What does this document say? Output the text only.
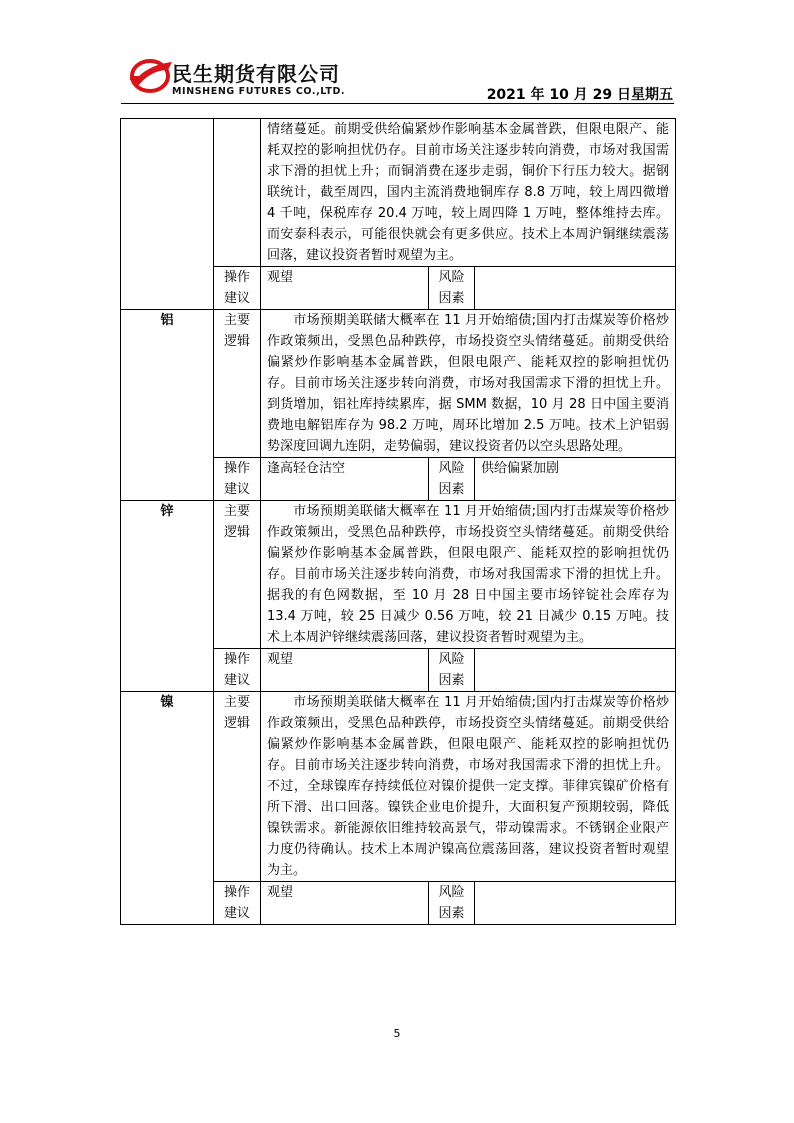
民生期货有限公司
MINSHENG FUTURES CO.,LTD.	2021 年 10 月 29 日星期五
		情绪蔓延。前期受供给偏紧炒作影响基本金属普跌，但限电限产、能耗双控的影响担忧仍存。目前市场关注逐步转向消费，市场对我国需求下滑的担忧上升；而铜消费在逐步走弱，铜价下行压力较大。据钢联统计，截至周四，国内主流消费地铜库存 8.8 万吨，较上周四微增 4 千吨，保税库存 20.4 万吨，较上周四降 1 万吨，整体维持去库。而安泰科表示，可能很快就会有更多供应。技术上本周沪铜继续震荡回落，建议投资者暂时观望为主。		
	操作建议	观望	风险因素	
铝	主要逻辑	市场预期美联储大概率在 11 月开始缩债;国内打击煤炭等价格炒作政策频出，受黑色品种跌停，市场投资空头情绪蔓延。前期受供给偏紧炒作影响基本金属普跌，但限电限产、能耗双控的影响担忧仍存。目前市场关注逐步转向消费，市场对我国需求下滑的担忧上升。到货增加，铝社库持续累库，据 SMM 数据，10 月 28 日中国主要消费地电解铝库存为 98.2 万吨，周环比增加 2.5 万吨。技术上沪铝弱势深度回调九连阴，走势偏弱，建议投资者仍以空头思路处理。		
	操作建议	逢高轻仓沽空	风险因素	供给偏紧加剧
锌	主要逻辑	市场预期美联储大概率在 11 月开始缩债;国内打击煤炭等价格炒作政策频出，受黑色品种跌停，市场投资空头情绪蔓延。前期受供给偏紧炒作影响基本金属普跌，但限电限产、能耗双控的影响担忧仍存。目前市场关注逐步转向消费，市场对我国需求下滑的担忧上升。据我的有色网数据，至 10 月 28 日中国主要市场锌锭社会库存为 13.4 万吨，较 25 日减少 0.56 万吨，较 21 日减少 0.15 万吨。技术上本周沪锌继续震荡回落，建议投资者暂时观望为主。		
	操作建议	观望	风险因素	
镍	主要逻辑	市场预期美联储大概率在 11 月开始缩债;国内打击煤炭等价格炒作政策频出，受黑色品种跌停，市场投资空头情绪蔓延。前期受供给偏紧炒作影响基本金属普跌，但限电限产、能耗双控的影响担忧仍存。目前市场关注逐步转向消费，市场对我国需求下滑的担忧上升。不过，全球镍库存持续低位对镍价提供一定支撑。菲律宾镍矿价格有所下滑、出口回落。镍铁企业电价提升，大面积复产预期较弱，降低镍铁需求。新能源依旧维持较高景气，带动镍需求。不锈钢企业限产力度仍待确认。技术上本周沪镍高位震荡回落，建议投资者暂时观望为主。		
	操作建议	观望	风险因素	
5
